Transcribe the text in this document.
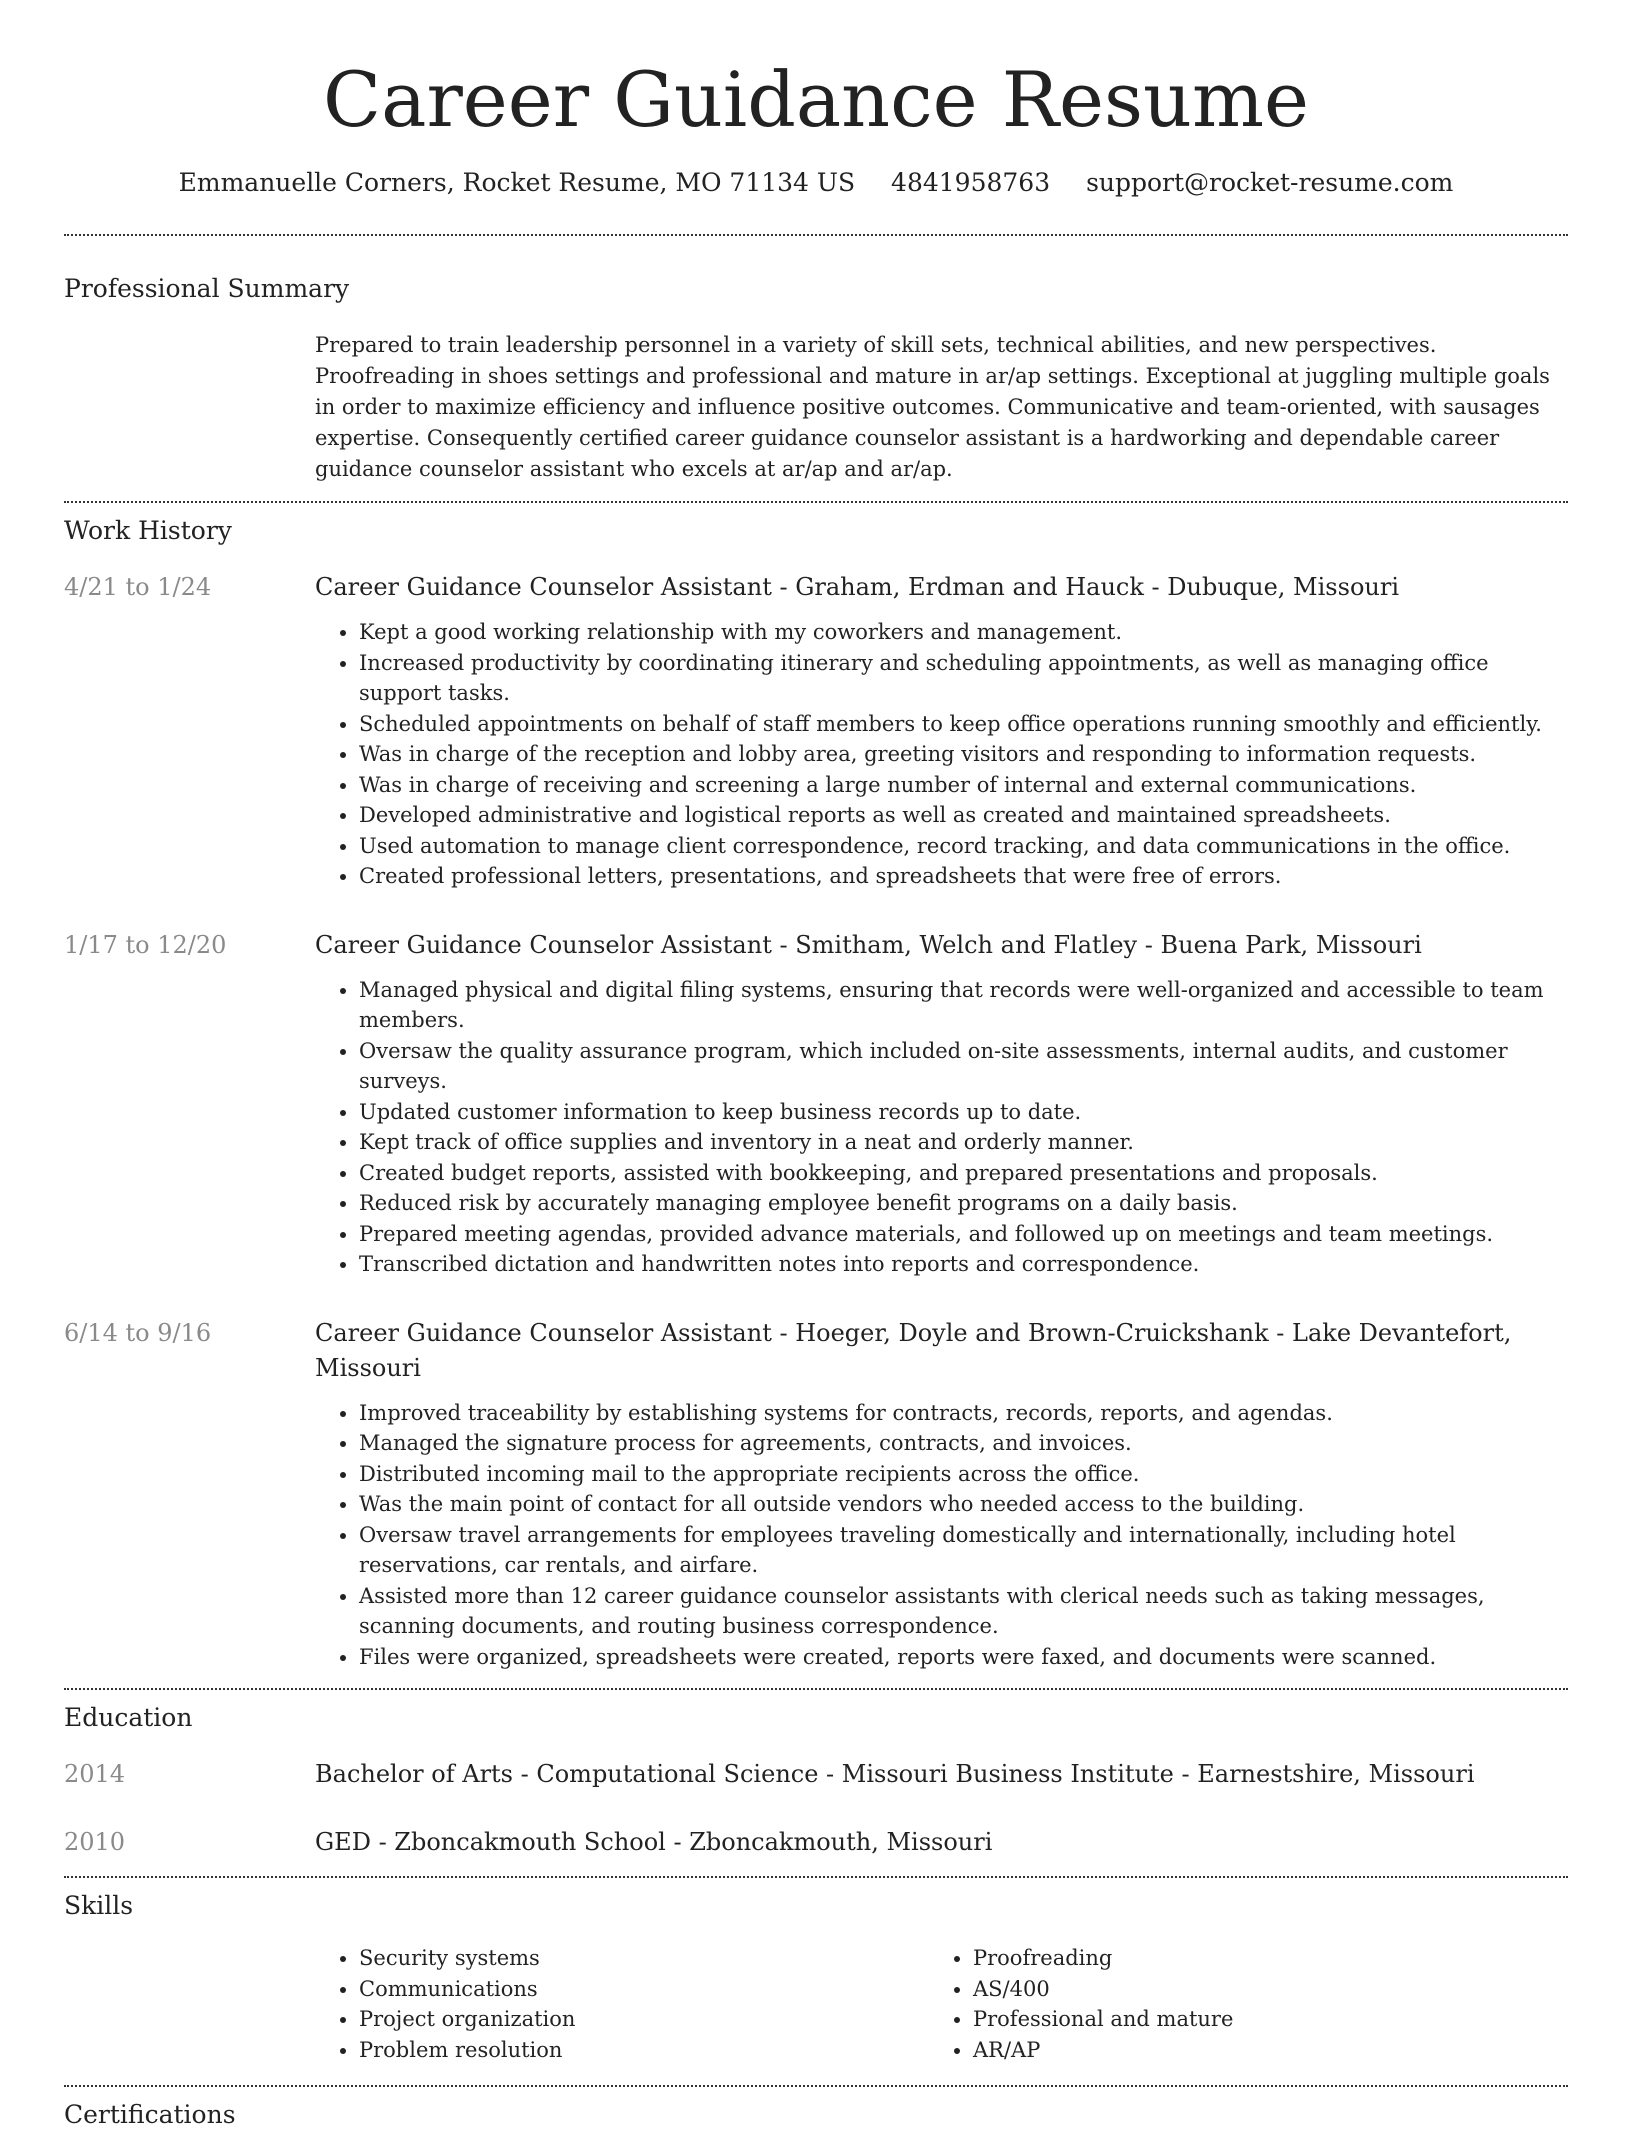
Career Guidance Resume
Emmanuelle Corners, Rocket Resume, MO 71134 US 4841958763 support@rocket-resume.com
Professional Summary
Prepared to train leadership personnel in a variety of skill sets, technical abilities, and new perspectives. Proofreading in shoes settings and professional and mature in ar/ap settings. Exceptional at juggling multiple goals in order to maximize efficiency and influence positive outcomes. Communicative and team-oriented, with sausages expertise. Consequently certified career guidance counselor assistant is a hardworking and dependable career guidance counselor assistant who excels at ar/ap and ar/ap.
Work History
4/21 to 1/24	Career Guidance Counselor Assistant - Graham, Erdman and Hauck - Dubuque, Missouri
• Kept a good working relationship with my coworkers and management.
• Increased productivity by coordinating itinerary and scheduling appointments, as well as managing office support tasks.
• Scheduled appointments on behalf of staff members to keep office operations running smoothly and efficiently.
• Was in charge of the reception and lobby area, greeting visitors and responding to information requests.
• Was in charge of receiving and screening a large number of internal and external communications.
• Developed administrative and logistical reports as well as created and maintained spreadsheets.
• Used automation to manage client correspondence, record tracking, and data communications in the office.
• Created professional letters, presentations, and spreadsheets that were free of errors.
1/17 to 12/20	Career Guidance Counselor Assistant - Smitham, Welch and Flatley - Buena Park, Missouri
• Managed physical and digital filing systems, ensuring that records were well-organized and accessible to team members.
• Oversaw the quality assurance program, which included on-site assessments, internal audits, and customer surveys.
• Updated customer information to keep business records up to date.
• Kept track of office supplies and inventory in a neat and orderly manner.
• Created budget reports, assisted with bookkeeping, and prepared presentations and proposals.
• Reduced risk by accurately managing employee benefit programs on a daily basis.
• Prepared meeting agendas, provided advance materials, and followed up on meetings and team meetings.
• Transcribed dictation and handwritten notes into reports and correspondence.
6/14 to 9/16	Career Guidance Counselor Assistant - Hoeger, Doyle and Brown-Cruickshank - Lake Devantefort, Missouri
• Improved traceability by establishing systems for contracts, records, reports, and agendas.
• Managed the signature process for agreements, contracts, and invoices.
• Distributed incoming mail to the appropriate recipients across the office.
• Was the main point of contact for all outside vendors who needed access to the building.
• Oversaw travel arrangements for employees traveling domestically and internationally, including hotel reservations, car rentals, and airfare.
• Assisted more than 12 career guidance counselor assistants with clerical needs such as taking messages, scanning documents, and routing business correspondence.
• Files were organized, spreadsheets were created, reports were faxed, and documents were scanned.
Education
2014	Bachelor of Arts - Computational Science - Missouri Business Institute - Earnestshire, Missouri
2010	GED - Zboncakmouth School - Zboncakmouth, Missouri
Skills
• Security systems
• Communications
• Project organization
• Problem resolution
• Proofreading
• AS/400
• Professional and mature
• AR/AP
Certifications
